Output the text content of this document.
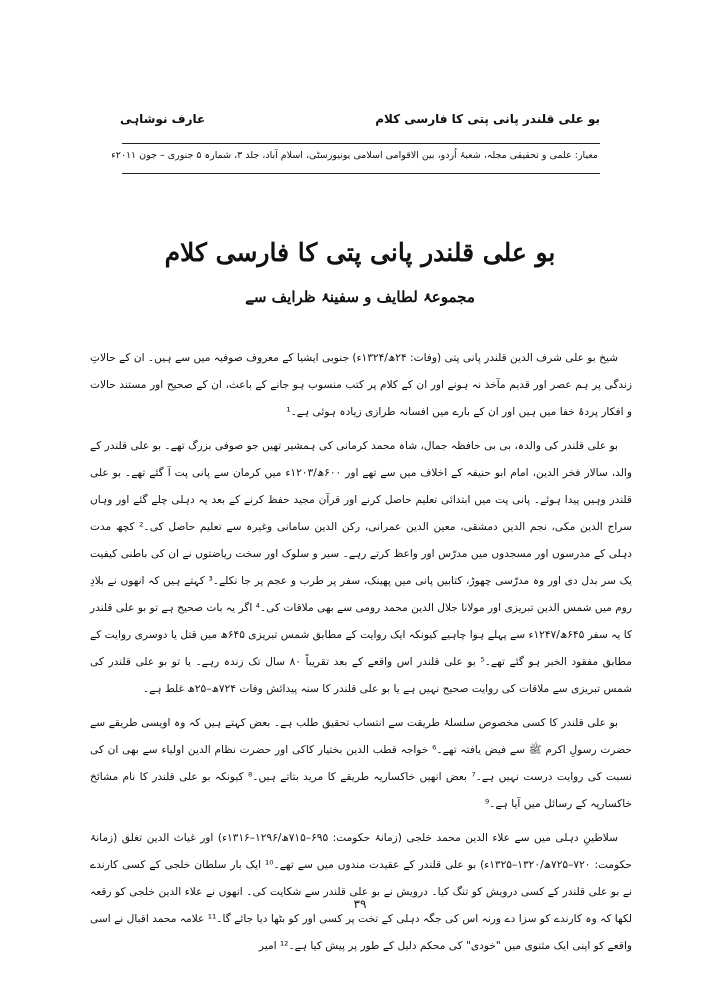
بو علی قلندر پانی پتی کا فارسی کلام
عارف نوشاہی
معیار: علمی و تحقیقی مجلہ، شعبۂ اُردو، بین الاقوامی اسلامی یونیورسٹی، اسلام آباد، جلد ۳، شمارہ ۵ جنوری – جون ۲۰۱۱ء
بو علی قلندر پانی پتی کا فارسی کلام
مجموعۂ لطایف و سفینۂ ظرایف سے

شیخ بو علی شرف الدین قلندر پانی پتی (وفات: ۲۴ھ/۱۳۲۴ء) جنوبی ایشیا کے معروف صوفیہ میں سے ہیں۔ ان کے حالاتِ زندگی پر ہم عصر اور قدیم مآخذ نہ ہونے اور ان کے کلام پر کتب منسوب ہو جانے کے باعث، ان کے صحیح اور مستند حالات و افکار پردۂ خفا میں ہیں اور ان کے بارے میں افسانہ طرازی زیادہ ہوئی ہے۔¹

بو علی قلندر کی والدہ، بی بی حافظہ جمال، شاہ محمد کرمانی کی ہمشیر تھیں جو صوفی بزرگ تھے۔ بو علی قلندر کے والد، سالار فخر الدین، امام ابو حنیفہ کے اخلاف میں سے تھے اور ۶۰۰ھ/۱۲۰۳ء میں کرمان سے پانی پت آ گئے تھے۔ بو علی قلندر وہیں پیدا ہوئے۔ پانی پت میں ابتدائی تعلیم حاصل کرنے اور قرآن مجید حفظ کرنے کے بعد یہ دہلی چلے گئے اور وہاں سراج الدین مکی، نجم الدین دمشقی، معین الدین عمرانی، رکن الدین سامانی وغیرہ سے تعلیم حاصل کی۔² کچھ مدت دہلی کے مدرسوں اور مسجدوں میں مدرّس اور واعظ کرتے رہے۔ سیر و سلوک اور سخت ریاضتوں نے ان کی باطنی کیفیت یک سر بدل دی اور وہ مدرّسی چھوڑ، کتابیں پانی میں پھینک، سفر پر طرب و عجم پر جا نکلے۔³ کہتے ہیں کہ انھوں نے بلادِ روم میں شمس الدین تبریزی اور مولانا جلال الدین محمد رومی سے بھی ملاقات کی۔⁴ اگر یہ بات صحیح ہے تو بو علی قلندر کا یہ سفر ۶۴۵ھ/۱۲۴۷ء سے پہلے ہوا چاہیے کیونکہ ایک روایت کے مطابق شمس تبریزی ۶۴۵ھ میں قتل یا دوسری روایت کے مطابق مفقود الخبر ہو گئے تھے۔⁵ بو علی قلندر اس واقعے کے بعد تقریباً ۸۰ سال تک زندہ رہے۔ یا تو بو علی قلندر کی شمس تبریزی سے ملاقات کی روایت صحیح نہیں ہے یا بو علی قلندر کا سنہ پیدائش وفات ۷۲۴ھ–۲۵ھ غلط ہے۔

بو علی قلندر کا کسی مخصوص سلسلۂ طریقت سے انتساب تحقیق طلب ہے۔ بعض کہتے ہیں کہ وہ اویسی طریقے سے حضرت رسولِ اکرم ﷺ سے فیض یافتہ تھے۔⁶ خواجہ قطب الدین بختیار کاکی اور حضرت نظام الدین اولیاء سے بھی ان کی نسبت کی روایت درست نہیں ہے۔⁷ بعض انھیں خاکساریہ طریقے کا مرید بتاتے ہیں۔⁸ کیونکہ بو علی قلندر کا نام مشائخ خاکساریہ کے رسائل میں آیا ہے۔⁹

سلاطینِ دہلی میں سے علاء الدین محمد خلجی (زمانۂ حکومت: ۶۹۵–۷۱۵ھ/۱۲۹۶–۱۳۱۶ء) اور غیاث الدین تغلق (زمانۂ حکومت: ۷۲۰–۷۲۵ھ/۱۳۲۰–۱۳۲۵ء) بو علی قلندر کے عقیدت مندوں میں سے تھے۔¹⁰ ایک بار سلطان خلجی کے کسی کارندے نے بو علی قلندر کے کسی درویش کو تنگ کیا۔ درویش نے بو علی قلندر سے شکایت کی۔ انھوں نے علاء الدین خلجی کو رقعہ لکھا کہ وہ کارندے کو سزا دے ورنہ اس کی جگہ دہلی کے تخت پر کسی اور کو بٹھا دیا جائے گا۔¹¹ علامہ محمد اقبال نے اسی واقعے کو اپنی ایک مثنوی میں "خودی" کی محکم دلیل کے طور پر پیش کیا ہے۔¹² امیر

۳۹
